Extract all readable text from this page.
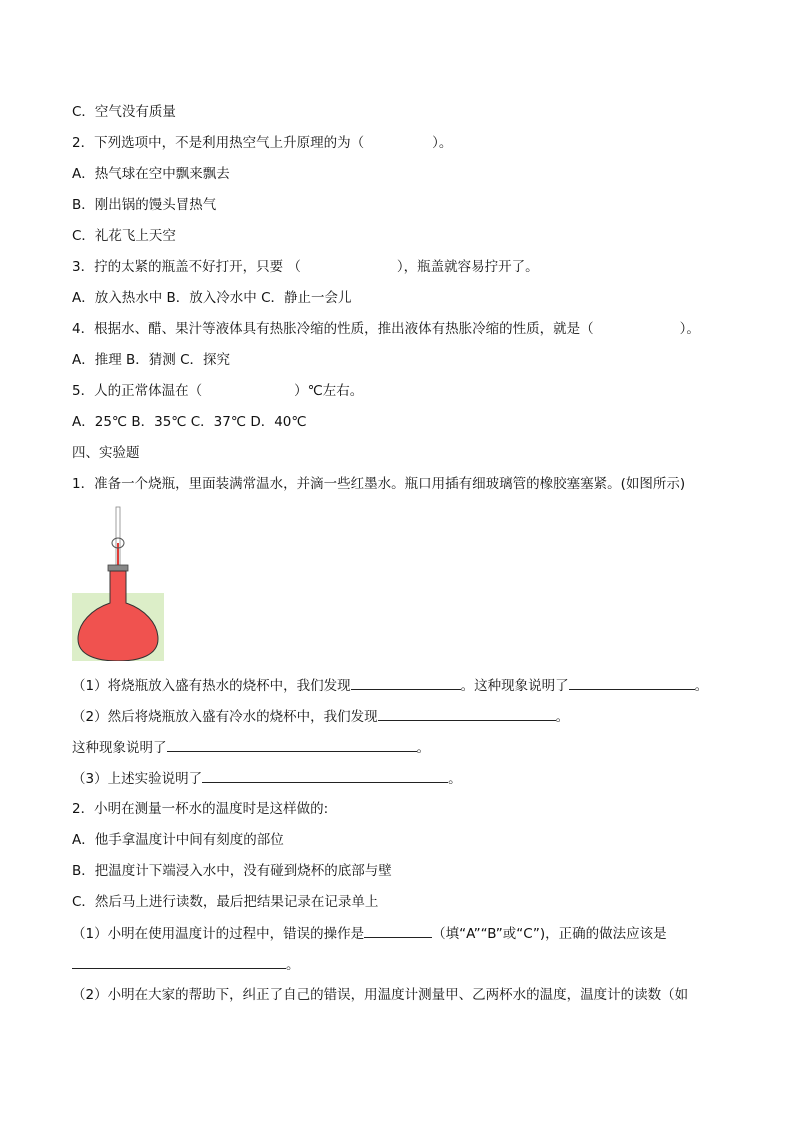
C．空气没有质量
2．下列选项中，不是利用热空气上升原理的为（	）。
A．热气球在空中飘来飘去
B．刚出锅的馒头冒热气
C．礼花飞上天空
3．拧的太紧的瓶盖不好打开，只要 （	），瓶盖就容易拧开了。
A．放入热水中 B．放入冷水中 C．静止一会儿
4．根据水、醋、果汁等液体具有热胀冷缩的性质，推出液体有热胀冷缩的性质，就是（	）。
A．推理 B．猜测 C．探究
5．人的正常体温在（	）℃左右。
A．25℃ B．35℃ C．37℃ D．40℃
四、实验题
1．准备一个烧瓶，里面装满常温水，并滴一些红墨水。瓶口用插有细玻璃管的橡胶塞塞紧。(如图所示)
（1）将烧瓶放入盛有热水的烧杯中，我们发现	。这种现象说明了	。
（2）然后将烧瓶放入盛有冷水的烧杯中，我们发现	。
这种现象说明了	。
（3）上述实验说明了	。
2．小明在测量一杯水的温度时是这样做的:
A．他手拿温度计中间有刻度的部位
B．把温度计下端浸入水中，没有碰到烧杯的底部与壁
C．然后马上进行读数，最后把结果记录在记录单上
（1）小明在使用温度计的过程中，错误的操作是	（填“A”“B”或“C”)，正确的做法应该是
。
（2）小明在大家的帮助下，纠正了自己的错误，用温度计测量甲、乙两杯水的温度，温度计的读数（如
